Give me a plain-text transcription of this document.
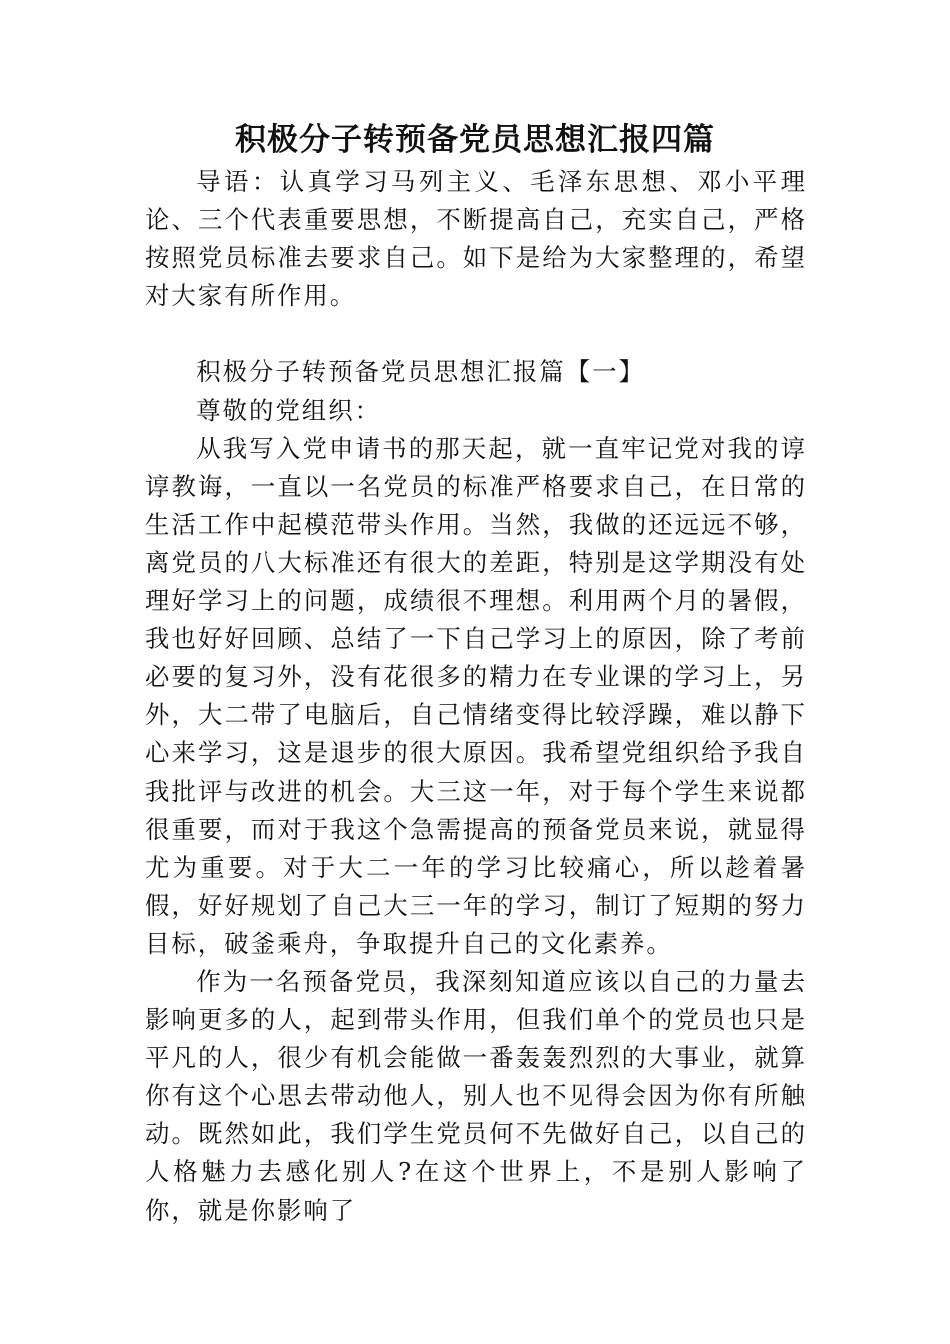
积极分子转预备党员思想汇报四篇

导语：认真学习马列主义、毛泽东思想、邓小平理论、三个代表重要思想，不断提高自己，充实自己，严格按照党员标准去要求自己。如下是给为大家整理的，希望对大家有所作用。

积极分子转预备党员思想汇报篇【一】

尊敬的党组织：

从我写入党申请书的那天起，就一直牢记党对我的谆谆教诲，一直以一名党员的标准严格要求自己，在日常的生活工作中起模范带头作用。当然，我做的还远远不够，离党员的八大标准还有很大的差距，特别是这学期没有处理好学习上的问题，成绩很不理想。利用两个月的暑假，我也好好回顾、总结了一下自己学习上的原因，除了考前必要的复习外，没有花很多的精力在专业课的学习上，另外，大二带了电脑后，自己情绪变得比较浮躁，难以静下心来学习，这是退步的很大原因。我希望党组织给予我自我批评与改进的机会。大三这一年，对于每个学生来说都很重要，而对于我这个急需提高的预备党员来说，就显得尤为重要。对于大二一年的学习比较痛心，所以趁着暑假，好好规划了自己大三一年的学习，制订了短期的努力目标，破釜乘舟，争取提升自己的文化素养。

作为一名预备党员，我深刻知道应该以自己的力量去影响更多的人，起到带头作用，但我们单个的党员也只是平凡的人，很少有机会能做一番轰轰烈烈的大事业，就算你有这个心思去带动他人，别人也不见得会因为你有所触动。既然如此，我们学生党员何不先做好自己，以自己的人格魅力去感化别人?在这个世界上，不是别人影响了你，就是你影响了
